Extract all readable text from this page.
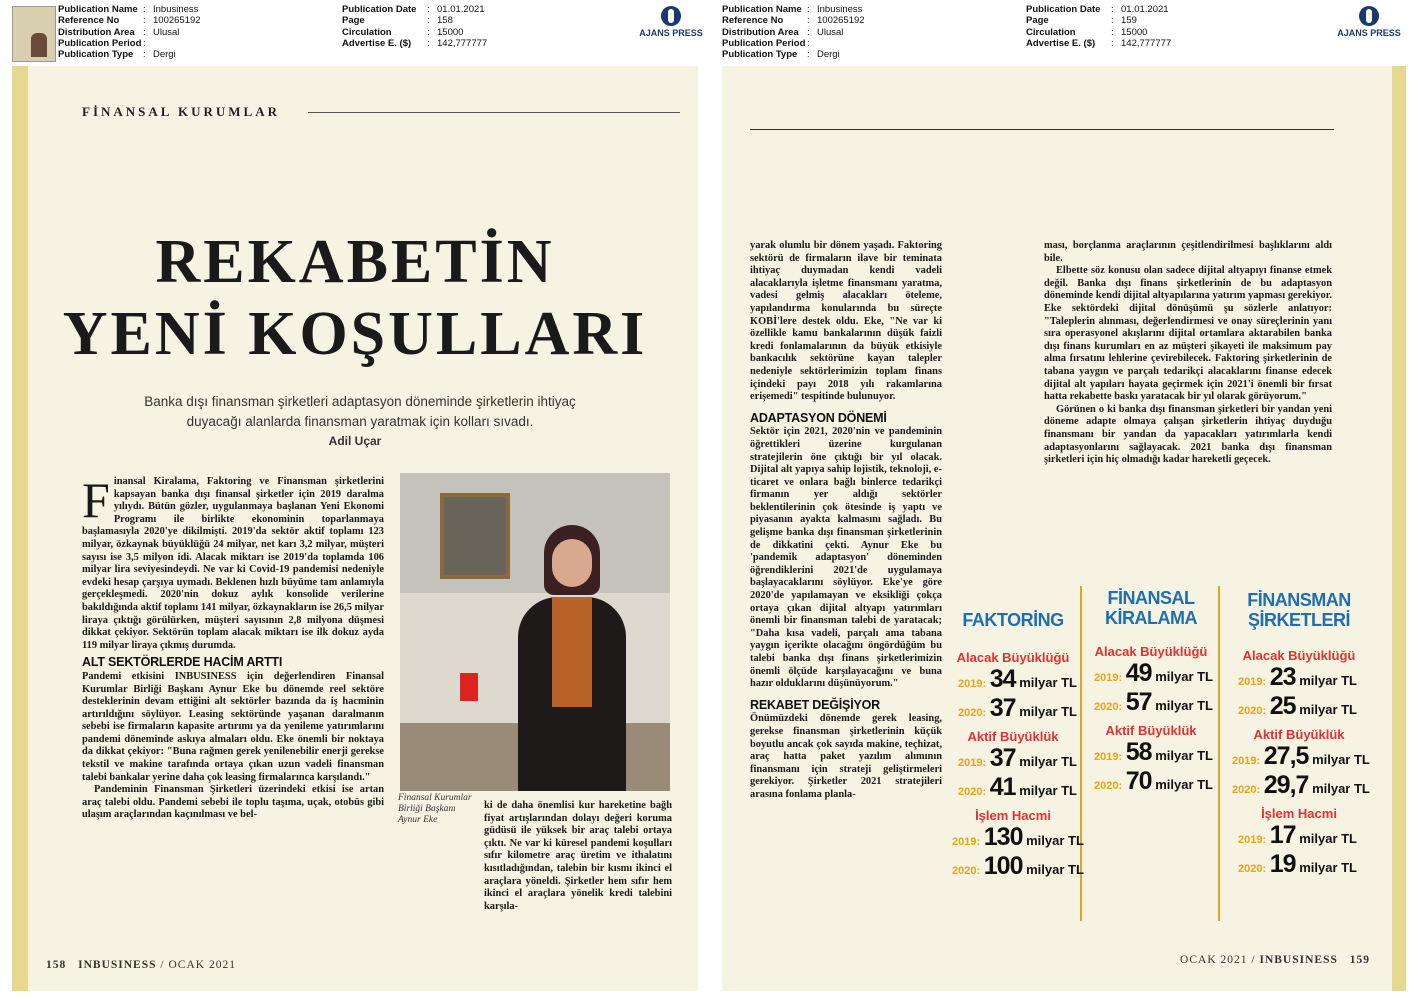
Publication Name : Inbusiness
Reference No	: 100265192
Distribution Area : Ulusal
Publication Period :
Publication Type : Dergi
Publication Date : 01.01.2021
Page	: 158
Circulation	: 15000
Advertise E. ($) : 142,777777
AJANS PRESS
Publication Name : Inbusiness
Reference No	: 100265192
Distribution Area : Ulusal
Publication Period :
Publication Type : Dergi
Publication Date : 01.01.2021
Page	: 159
Circulation	: 15000
Advertise E. ($) : 142,777777
AJANS PRESS
FİNANSAL KURUMLAR
REKABETİN
YENİ KOŞULLARI
Banka dışı finansman şirketleri adaptasyon döneminde şirketlerin ihtiyaç duyacağı alanlarda finansman yaratmak için kolları sıvadı.
Adil Uçar
F inansal Kiralama, Faktoring ve Finansman şirketlerini kapsayan banka dışı finansal şirketler için 2019 daralma yılıydı. Bütün gözler, uygulanmaya başlanan Yeni Ekonomi Programı ile birlikte ekonominin toparlanmaya başlamasıyla 2020'ye dikilmişti. 2019'da sektör aktif toplamı 123 milyar, özkaynak büyüklüğü 24 milyar, net karı 3,2 milyar, müşteri sayısı ise 3,5 milyon idi. Alacak miktarı ise 2019'da toplamda 106 milyar lira seviyesindeydi. Ne var ki Covid-19 pandemisi nedeniyle evdeki hesap çarşıya uymadı. Beklenen hızlı büyüme tam anlamıyla gerçekleşmedi. 2020'nin dokuz aylık konsolide verilerine bakıldığında aktif toplamı 141 milyar, özkaynakların ise 26,5 milyar liraya çıktığı görülürken, müşteri sayısının 2,8 milyona düşmesi dikkat çekiyor. Sektörün toplam alacak miktarı ise ilk dokuz ayda 119 milyar liraya çıkmış durumda.
ALT SEKTÖRLERDE HACİM ARTTI
Pandemi etkisini INBUSINESS için değerlendiren Finansal Kurumlar Birliği Başkanı Aynur Eke bu dönemde reel sektöre desteklerinin devam ettiğini alt sektörler bazında da iş hacminin artırıldığını söylüyor. Leasing sektöründe yaşanan daralmanın sebebi ise firmaların kapasite artırımı ya da yenileme yatırımlarını pandemi döneminde askıya almaları oldu. Eke önemli bir noktaya da dikkat çekiyor: "Buna rağmen gerek yenilenebilir enerji gerekse tekstil ve makine tarafında ortaya çıkan uzun vadeli finansman talebi bankalar yerine daha çok leasing firmalarınca karşılandı."
Pandeminin Finansman Şirketleri üzerindeki etkisi ise artan araç talebi oldu. Pandemi sebebi ile toplu taşıma, uçak, otobüs gibi ulaşım araçlarından kaçınılması ve bel-
Finansal Kurumlar Birliği Başkanı Aynur Eke
ki de daha önemlisi kur hareketine bağlı fiyat artışlarından dolayı değeri koruma güdüsü ile yüksek bir araç talebi ortaya çıktı. Ne var ki küresel pandemi koşulları sıfır kilometre araç üretim ve ithalatını kısıtladığından, talebin bir kısmı ikinci el araçlara yöneldi. Şirketler hem sıfır hem ikinci el araçlara yönelik kredi talebini karşıla-
158 INBUSINESS / OCAK 2021
yarak olumlu bir dönem yaşadı. Faktoring sektörü de firmaların ilave bir teminata ihtiyaç duymadan kendi vadeli alacaklarıyla işletme finansmanı yaratma, vadesi gelmiş alacakları öteleme, yapılandırma konularında bu süreçte KOBİ'lere destek oldu. Eke, "Ne var ki özellikle kamu bankalarının düşük faizli kredi fonlamalarının da büyük etkisiyle bankacılık sektörüne kayan talepler nedeniyle sektörlerimizin toplam finans içindeki payı 2018 yılı rakamlarına erişemedi" tespitinde bulunuyor.
ADAPTASYON DÖNEMİ
Sektör için 2021, 2020'nin ve pandeminin öğrettikleri üzerine kurgulanan stratejilerin öne çıktığı bir yıl olacak. Dijital alt yapıya sahip lojistik, teknoloji, e-ticaret ve onlara bağlı binlerce tedarikçi firmanın yer aldığı sektörler beklentilerinin çok ötesinde iş yaptı ve piyasanın ayakta kalmasını sağladı. Bu gelişme banka dışı finansman şirketlerinin de dikkatini çekti. Aynur Eke bu 'pandemik adaptasyon' döneminden öğrendiklerini 2021'de uygulamaya başlayacaklarını söylüyor. Eke'ye göre 2020'de yapılamayan ve eksikliği çokça ortaya çıkan dijital altyapı yatırımları önemli bir finansman talebi de yaratacak; "Daha kısa vadeli, parçalı ama tabana yaygın içerikte olacağını öngördüğüm bu talebi banka dışı finans şirketlerimizin önemli ölçüde karşılayacağını ve buna hazır olduklarını düşünüyorum."
REKABET DEĞİŞİYOR
Önümüzdeki dönemde gerek leasing, gerekse finansman şirketlerinin küçük boyutlu ancak çok sayıda makine, teçhizat, araç hatta paket yazılım alımının finansmanı için strateji geliştirmeleri gerekiyor. Şirketler 2021 stratejileri arasına fonlama planla-
ması, borçlanma araçlarının çeşitlendirilmesi başlıklarını aldı bile.
Elbette söz konusu olan sadece dijital altyapıyı finanse etmek değil. Banka dışı finans şirketlerinin de bu adaptasyon döneminde kendi dijital altyapılarına yatırım yapması gerekiyor. Eke sektördeki dijital dönüşümü şu sözlerle anlatıyor: "Taleplerin alınması, değerlendirmesi ve onay süreçlerinin yanı sıra operasyonel akışlarını dijital ortamlara aktarabilen banka dışı finans kurumları en az müşteri şikayeti ile maksimum pay alma fırsatını lehlerine çevirebilecek. Faktoring şirketlerinin de tabana yaygın ve parçalı tedarikçi alacaklarını finanse edecek dijital alt yapıları hayata geçirmek için 2021'i önemli bir fırsat hatta rekabette baskı yaratacak bir yıl olarak görüyorum."
Görünen o ki banka dışı finansman şirketleri bir yandan yeni döneme adapte olmaya çalışan şirketlerin ihtiyaç duyduğu finansmanı bir yandan da yapacakları yatırımlarla kendi adaptasyonlarını sağlayacak. 2021 banka dışı finansman şirketleri için hiç olmadığı kadar hareketli geçecek.
FAKTORİNG
Alacak Büyüklüğü
2019: 34 milyar TL
2020: 37 milyar TL
Aktif Büyüklük
2019: 37 milyar TL
2020: 41 milyar TL
İşlem Hacmi
2019: 130 milyar TL
2020: 100 milyar TL
FİNANSAL
KİRALAMA
Alacak Büyüklüğü
2019: 49 milyar TL
2020: 57 milyar TL
Aktif Büyüklük
2019: 58 milyar TL
2020: 70 milyar TL
FİNANSMAN
ŞİRKETLERİ
Alacak Büyüklüğü
2019: 23 milyar TL
2020: 25 milyar TL
Aktif Büyüklük
2019: 27,5 milyar TL
2020: 29,7 milyar TL
İşlem Hacmi
2019: 17 milyar TL
2020: 19 milyar TL
OCAK 2021 / INBUSINESS 159
